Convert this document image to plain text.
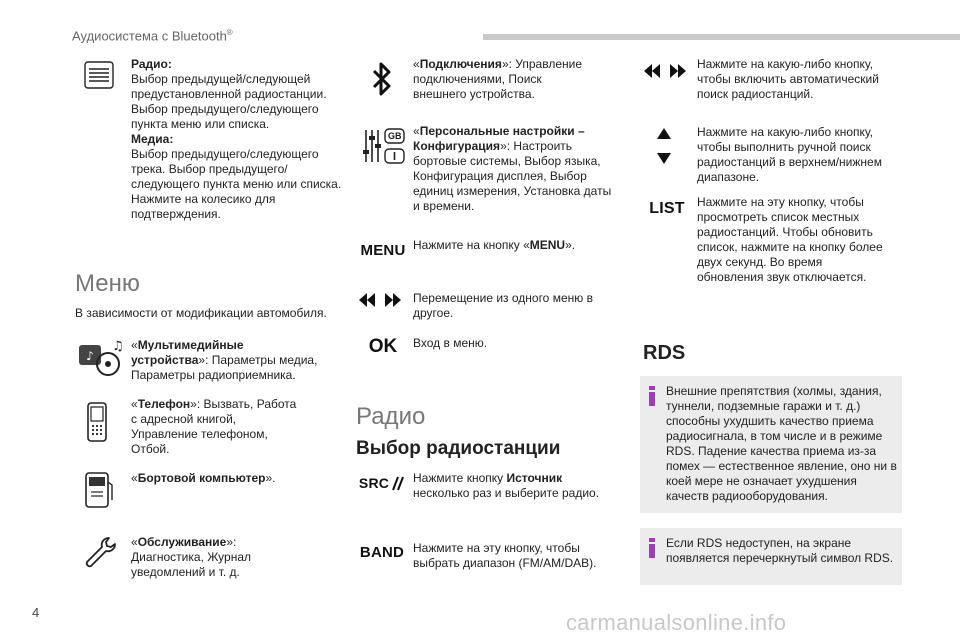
Аудиосистема с Bluetooth®
Радио:
Выбор предыдущей/следующей предустановленной радиостанции. Выбор предыдущего/следующего пункта меню или списка.
Медиа:
Выбор предыдущего/следующего трека. Выбор предыдущего/следующего пункта меню или списка. Нажмите на колесико для подтверждения.
Меню
В зависимости от модификации автомобиля.
♪
♫ «Мультимедийные устройства»: Параметры медиа, Параметры радиоприемника.
«Телефон»: Вызвать, Работа с адресной книгой, Управление телефоном, Отбой.
«Бортовой компьютер».
«Обслуживание»: Диагностика, Журнал уведомлений и т. д.
«Подключения»: Управление подключениями, Поиск внешнего устройства.
GB «Персональные настройки – Конфигурация»: Настроить бортовые системы, Выбор языка, Конфигурация дисплея, Выбор единиц измерения, Установка даты и времени.
MENU Нажмите на кнопку «MENU».
Перемещение из одного меню в другое.
OK	Вход в меню.
Радио
Выбор радиостанции
SRC Нажмите кнопку Источник несколько раз и выберите радио.
BAND Нажмите на эту кнопку, чтобы выбрать диапазон (FM/AM/DAB).
Нажмите на какую-либо кнопку, чтобы включить автоматический поиск радиостанций.
Нажмите на какую-либо кнопку, чтобы выполнить ручной поиск радиостанций в верхнем/нижнем диапазоне.
LIST Нажмите на эту кнопку, чтобы просмотреть список местных радиостанций. Чтобы обновить список, нажмите на кнопку более двух секунд. Во время обновления звук отключается.
RDS
Внешние препятствия (холмы, здания, туннели, подземные гаражи и т. д.) способны ухудшить качество приема радиосигнала, в том числе и в режиме RDS. Падение качества приема из-за помех — естественное явление, оно ни в коей мере не означает ухудшения качеств радиооборудования.
Если RDS недоступен, на экране появляется перечеркнутый символ RDS.
4	carmanualsonline.info
